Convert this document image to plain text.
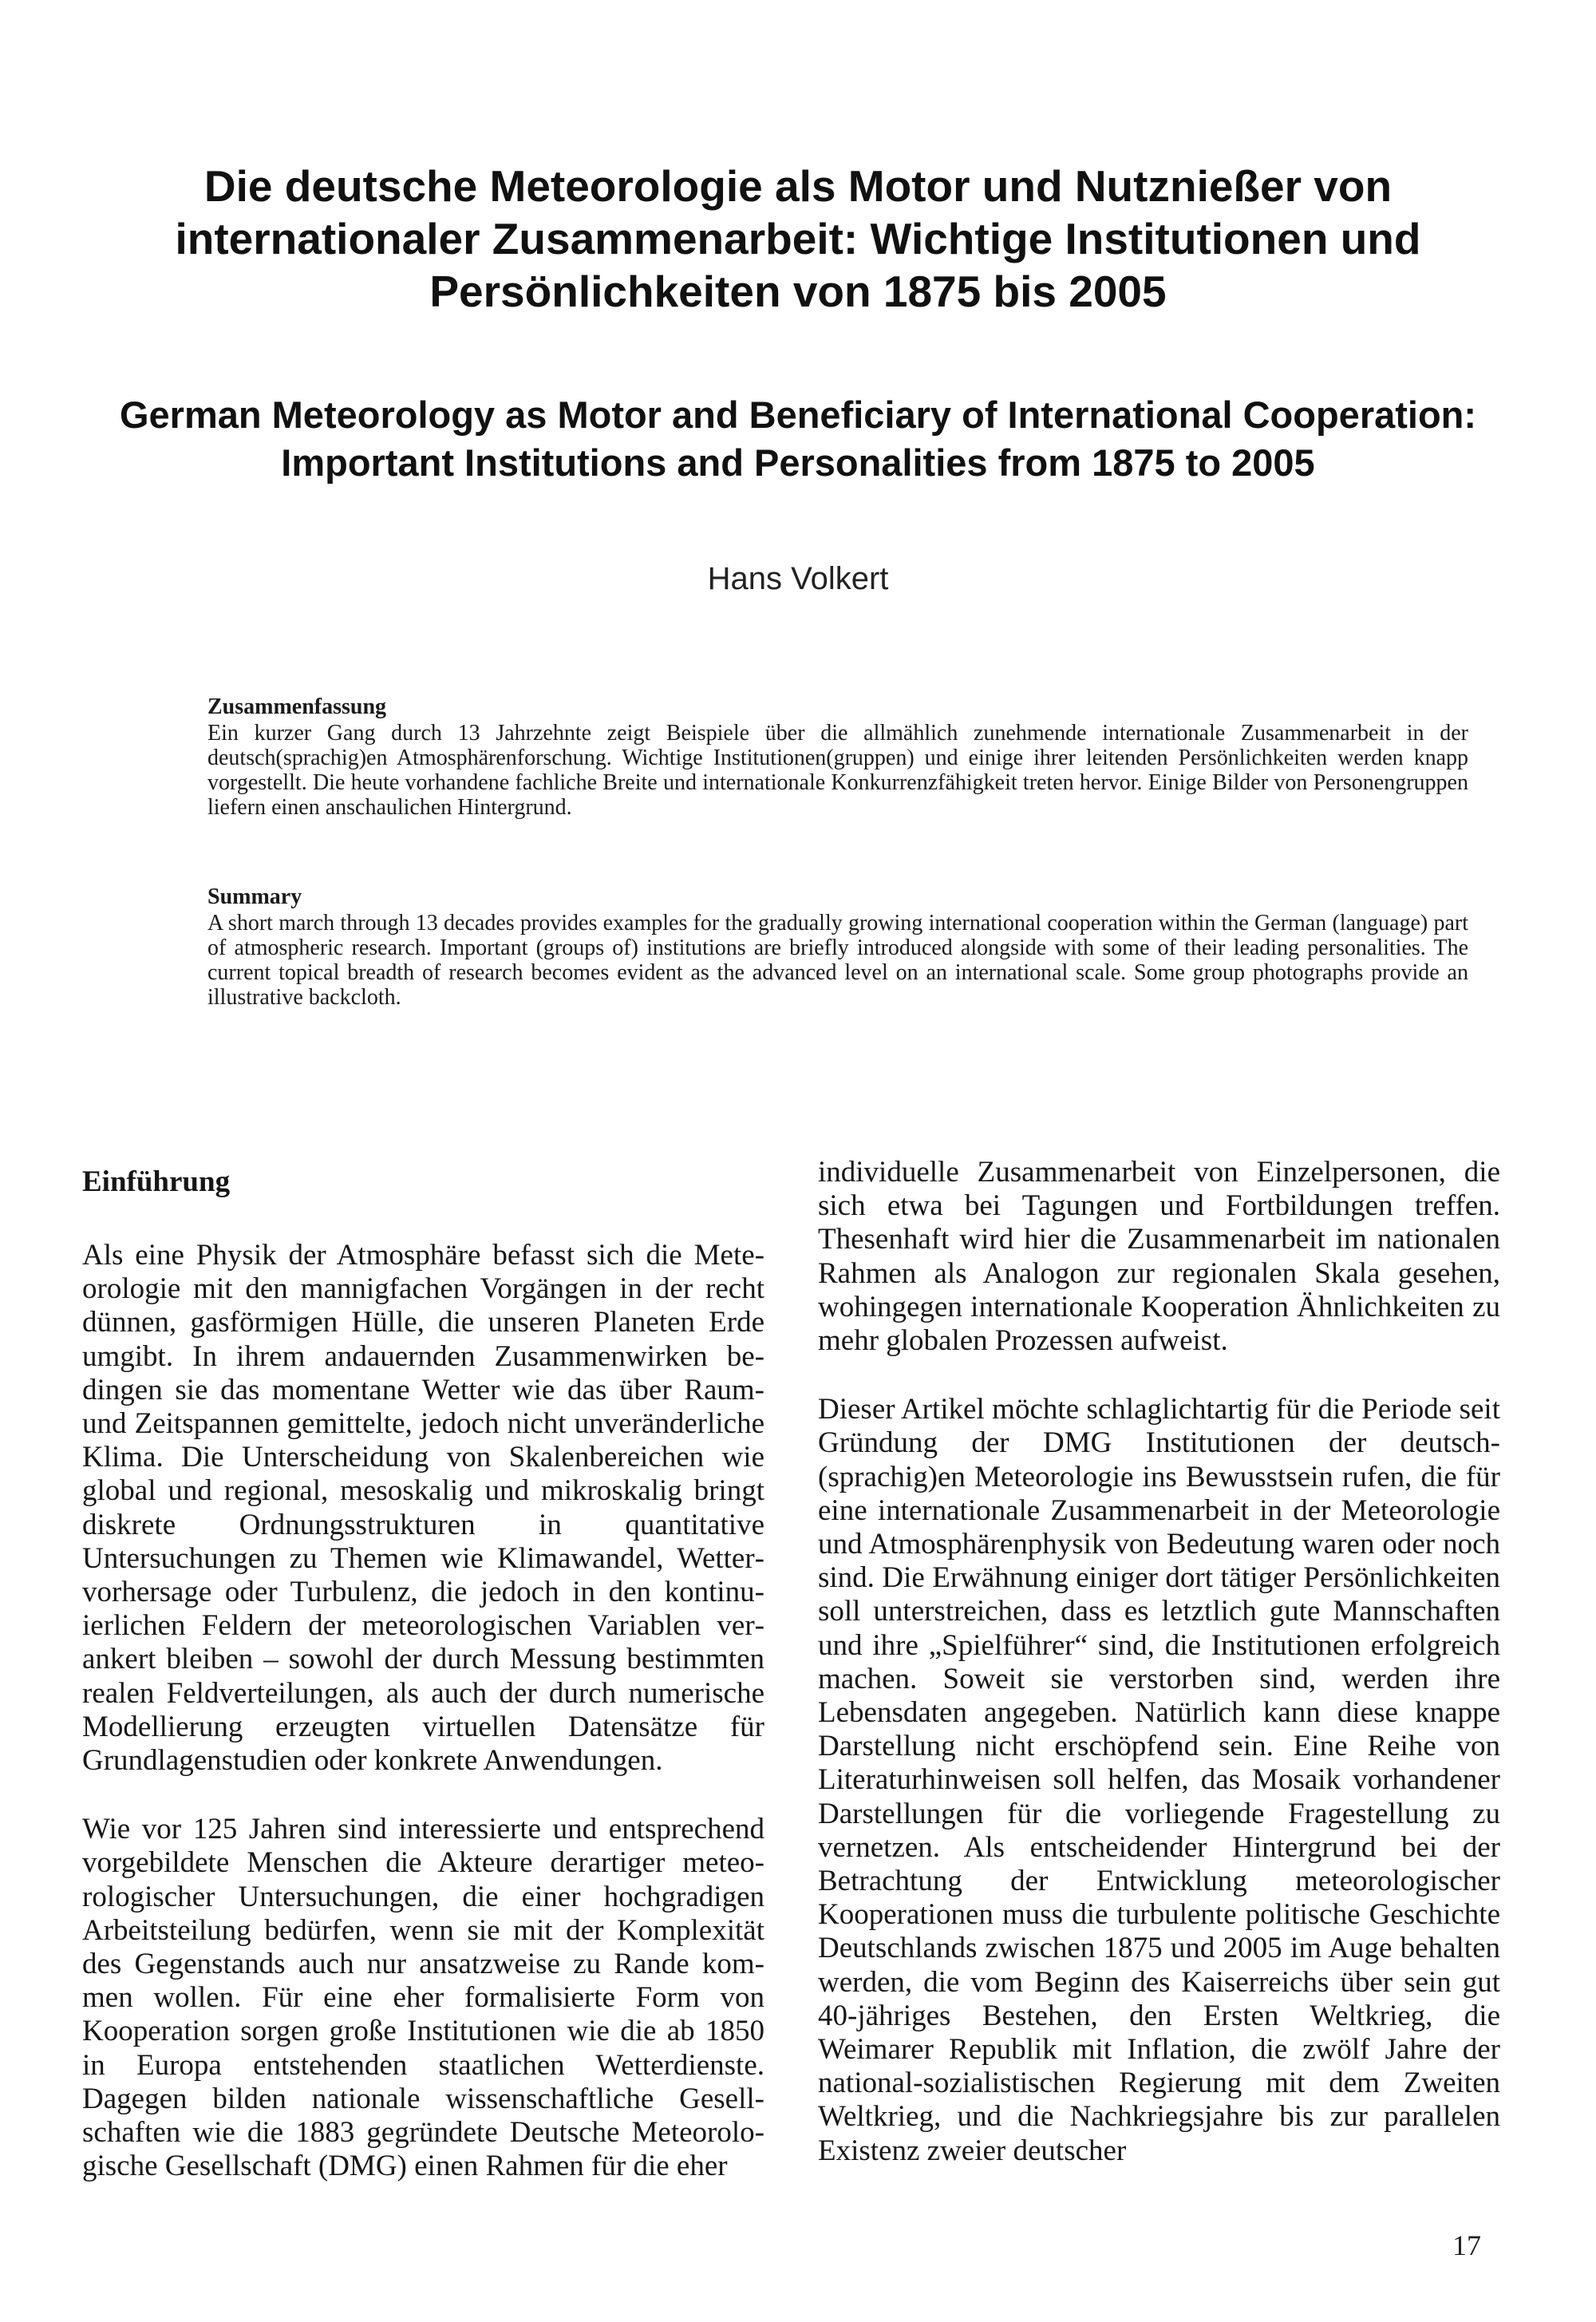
Die deutsche Meteorologie als Motor und Nutznießer von
internationaler Zusammenarbeit: Wichtige Institutionen und
Persönlichkeiten von 1875 bis 2005
German Meteorology as Motor and Beneficiary of International Cooperation:
Important Institutions and Personalities from 1875 to 2005
Hans Volkert

Zusammenfassung

Ein kurzer Gang durch 13 Jahrzehnte zeigt Beispiele über die allmählich zunehmende internationale Zusammenarbeit in der deutsch(sprachig)en Atmosphärenforschung. Wichtige Institutionen(gruppen) und einige ihrer leitenden Persönlichkeiten werden knapp vorgestellt. Die heute vorhandene fachliche Breite und internationale Konkurrenzfähigkeit treten hervor. Einige Bilder von Personengruppen liefern einen anschaulichen Hintergrund.

Summary

A short march through 13 decades provides examples for the gradually growing international cooperation within the German (language) part of atmospheric research. Important (groups of) institutions are briefly introduced alongside with some of their leading personalities. The current topical breadth of research becomes evident as the advanced level on an international scale. Some group photographs provide an illustrative backcloth.

Einführung

Als eine Physik der Atmosphäre befasst sich die Meteorologie mit den mannigfachen Vorgängen in der recht dünnen, gasförmigen Hülle, die unseren Planeten Erde umgibt. In ihrem andauernden Zusammenwirken bedingen sie das momentane Wetter wie das über Raum- und Zeitspannen gemittelte, jedoch nicht unveränderliche Klima. Die Unterscheidung von Skalenbereichen wie global und regional, mesoskalig und mikroskalig bringt diskrete Ordnungsstrukturen in quantitative Untersuchungen zu Themen wie Klimawandel, Wettervorhersage oder Turbulenz, die jedoch in den kontinuierlichen Feldern der meteorologischen Variablen verankert bleiben – sowohl der durch Messung bestimmten realen Feldverteilungen, als auch der durch numerische Modellierung erzeugten virtuellen Datensätze für Grundlagenstudien oder konkrete Anwendungen.

Wie vor 125 Jahren sind interessierte und entsprechend vorgebildete Menschen die Akteure derartiger meteorologischer Untersuchungen, die einer hochgradigen Arbeitsteilung bedürfen, wenn sie mit der Komplexität des Gegenstands auch nur ansatzweise zu Rande kommen wollen. Für eine eher formalisierte Form von Kooperation sorgen große Institutionen wie die ab 1850 in Europa entstehenden staatlichen Wetterdienste. Dagegen bilden nationale wissenschaftliche Gesellschaften wie die 1883 gegründete Deutsche Meteorologische Gesellschaft (DMG) einen Rahmen für die eher

individuelle Zusammenarbeit von Einzelpersonen, die sich etwa bei Tagungen und Fortbildungen treffen. Thesenhaft wird hier die Zusammenarbeit im nationalen Rahmen als Analogon zur regionalen Skala gesehen, wohingegen internationale Kooperation Ähnlichkeiten zu mehr globalen Prozessen aufweist.

Dieser Artikel möchte schlaglichtartig für die Periode seit Gründung der DMG Institutionen der deutsch(sprachig)en Meteorologie ins Bewusstsein rufen, die für eine internationale Zusammenarbeit in der Meteorologie und Atmosphärenphysik von Bedeutung waren oder noch sind. Die Erwähnung einiger dort tätiger Persönlichkeiten soll unterstreichen, dass es letztlich gute Mannschaften und ihre „Spielführer“ sind, die Institutionen erfolgreich machen. Soweit sie verstorben sind, werden ihre Lebensdaten angegeben. Natürlich kann diese knappe Darstellung nicht erschöpfend sein. Eine Reihe von Literaturhinweisen soll helfen, das Mosaik vorhandener Darstellungen für die vorliegende Fragestellung zu vernetzen. Als entscheidender Hintergrund bei der Betrachtung der Entwicklung meteorologischer Kooperationen muss die turbulente politische Geschichte Deutschlands zwischen 1875 und 2005 im Auge behalten werden, die vom Beginn des Kaiserreichs über sein gut 40-jähriges Bestehen, den Ersten Weltkrieg, die Weimarer Republik mit Inflation, die zwölf Jahre der national-sozialistischen Regierung mit dem Zweiten Weltkrieg, und die Nachkriegsjahre bis zur parallelen Existenz zweier deutscher

17
